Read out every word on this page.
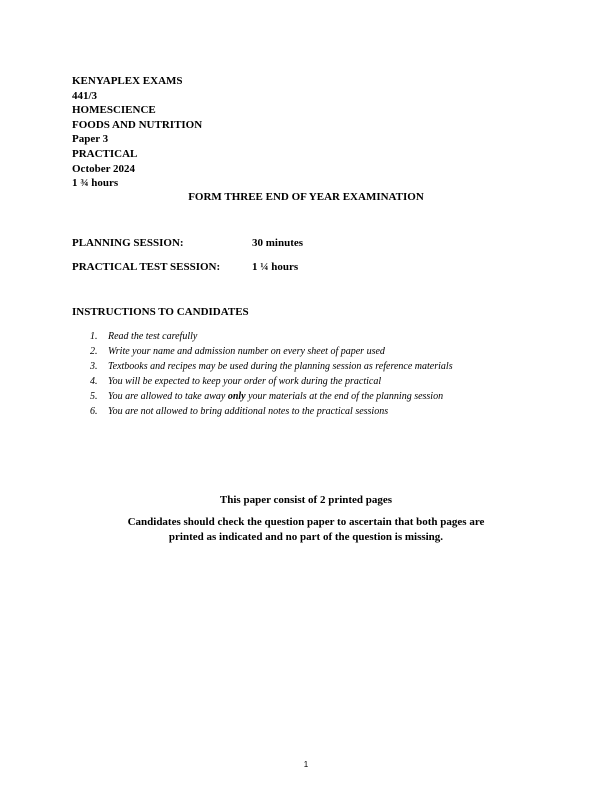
KENYAPLEX EXAMS
441/3
HOMESCIENCE
FOODS AND NUTRITION
Paper 3
PRACTICAL
October 2024
1 ¾ hours
FORM THREE END OF YEAR EXAMINATION
PLANNING SESSION:	30 minutes
PRACTICAL TEST SESSION:	1 ¼ hours
INSTRUCTIONS TO CANDIDATES
1. Read the test carefully
2. Write your name and admission number on every sheet of paper used
3. Textbooks and recipes may be used during the planning session as reference materials
4. You will be expected to keep your order of work during the practical
5. You are allowed to take away only your materials at the end of the planning session
6. You are not allowed to bring additional notes to the practical sessions
This paper consist of 2 printed pages
Candidates should check the question paper to ascertain that both pages are
printed as indicated and no part of the question is missing.
1
